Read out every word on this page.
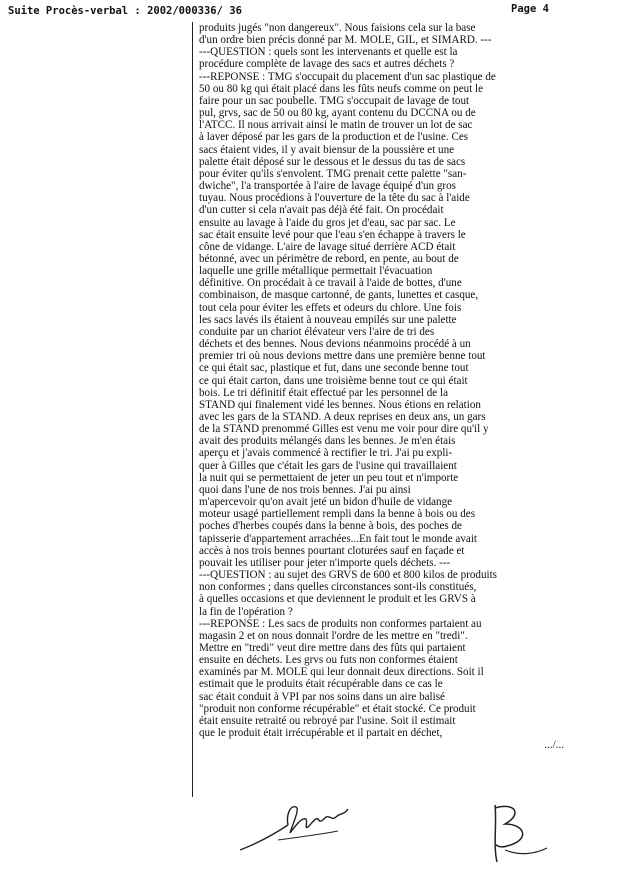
Suite Procès-verbal : 2002/000336/ 36	Page 4
produits jugés "non dangereux". Nous faisions cela sur la base
d'un ordre bien précis donné par M. MOLE, GIL, et SIMARD. ---
---QUESTION : quels sont les intervenants et quelle est la
procédure complète de lavage des sacs et autres déchets ?
---REPONSE : TMG s'occupait du placement d'un sac plastique de
50 ou 80 kg qui était placé dans les fûts neufs comme on peut le
faire pour un sac poubelle. TMG s'occupait de lavage de tout
pul, grvs, sac de 50 ou 80 kg, ayant contenu du DCCNA ou de
l'ATCC. Il nous arrivait ainsi le matin de trouver un lot de sac
à laver déposé par les gars de la production et de l'usine. Ces
sacs étaient vides, il y avait biensur de la poussière et une
palette était déposé sur le dessous et le dessus du tas de sacs
pour éviter qu'ils s'envolent. TMG prenait cette palette "san-
dwiche", l'a transportée à l'aire de lavage équipé d'un gros
tuyau. Nous procédions à l'ouverture de la tête du sac à l'aide
d'un cutter si cela n'avait pas déjà été fait. On procédait
ensuite au lavage à l'aide du gros jet d'eau, sac par sac. Le
sac était ensuite levé pour que l'eau s'en échappe à travers le
cône de vidange. L'aire de lavage situé derrière ACD était
bétonné, avec un périmètre de rebord, en pente, au bout de
laquelle une grille métallique permettait l'évacuation
définitive. On procédait à ce travail à l'aide de bottes, d'une
combinaison, de masque cartonné, de gants, lunettes et casque,
tout cela pour éviter les effets et odeurs du chlore. Une fois
les sacs lavés ils étaient à nouveau empilés sur une palette
conduite par un chariot élévateur vers l'aire de tri des
déchets et des bennes. Nous devions néanmoins procédé à un
premier tri où nous devions mettre dans une première benne tout
ce qui était sac, plastique et fut, dans une seconde benne tout
ce qui était carton, dans une troisième benne tout ce qui était
bois. Le tri définitif était effectué par les personnel de la
STAND qui finalement vidé les bennes. Nous étions en relation
avec les gars de la STAND. A deux reprises en deux ans, un gars
de la STAND prenommé Gilles est venu me voir pour dire qu'il y
avait des produits mélangés dans les bennes. Je m'en étais
aperçu et j'avais commencé à rectifier le tri. J'ai pu expli-
quer à Gilles que c'était les gars de l'usine qui travaillaient
la nuit qui se permettaient de jeter un peu tout et n'importe
quoi dans l'une de nos trois bennes. J'ai pu ainsi
m'apercevoir qu'on avait jeté un bidon d'huile de vidange
moteur usagé partiellement rempli dans la benne à bois ou des
poches d'herbes coupés dans la benne à bois, des poches de
tapisserie d'appartement arrachées...En fait tout le monde avait
accès à nos trois bennes pourtant cloturées sauf en façade et
pouvait les utiliser pour jeter n'importe quels déchets. ---
---QUESTION : au sujet des GRVS de 600 et 800 kilos de produits
non conformes ; dans quelles circonstances sont-ils constitués,
à quelles occasions et que deviennent le produit et les GRVS à
la fin de l'opération ?
---REPONSE : Les sacs de produits non conformes partaient au
magasin 2 et on nous donnait l'ordre de les mettre en "tredi".
Mettre en "tredi" veut dire mettre dans des fûts qui partaient
ensuite en déchets. Les grvs ou futs non conformes étaient
examinés par M. MOLE qui leur donnait deux directions. Soit il
estimait que le produits était récupérable dans ce cas le
sac était conduit à VPI par nos soins dans un aire balisé
"produit non conforme récupérable" et était stocké. Ce produit
était ensuite retraité ou rebroyé par l'usine. Soit il estimait
que le produit était irrécupérable et il partait en déchet,
.../...
